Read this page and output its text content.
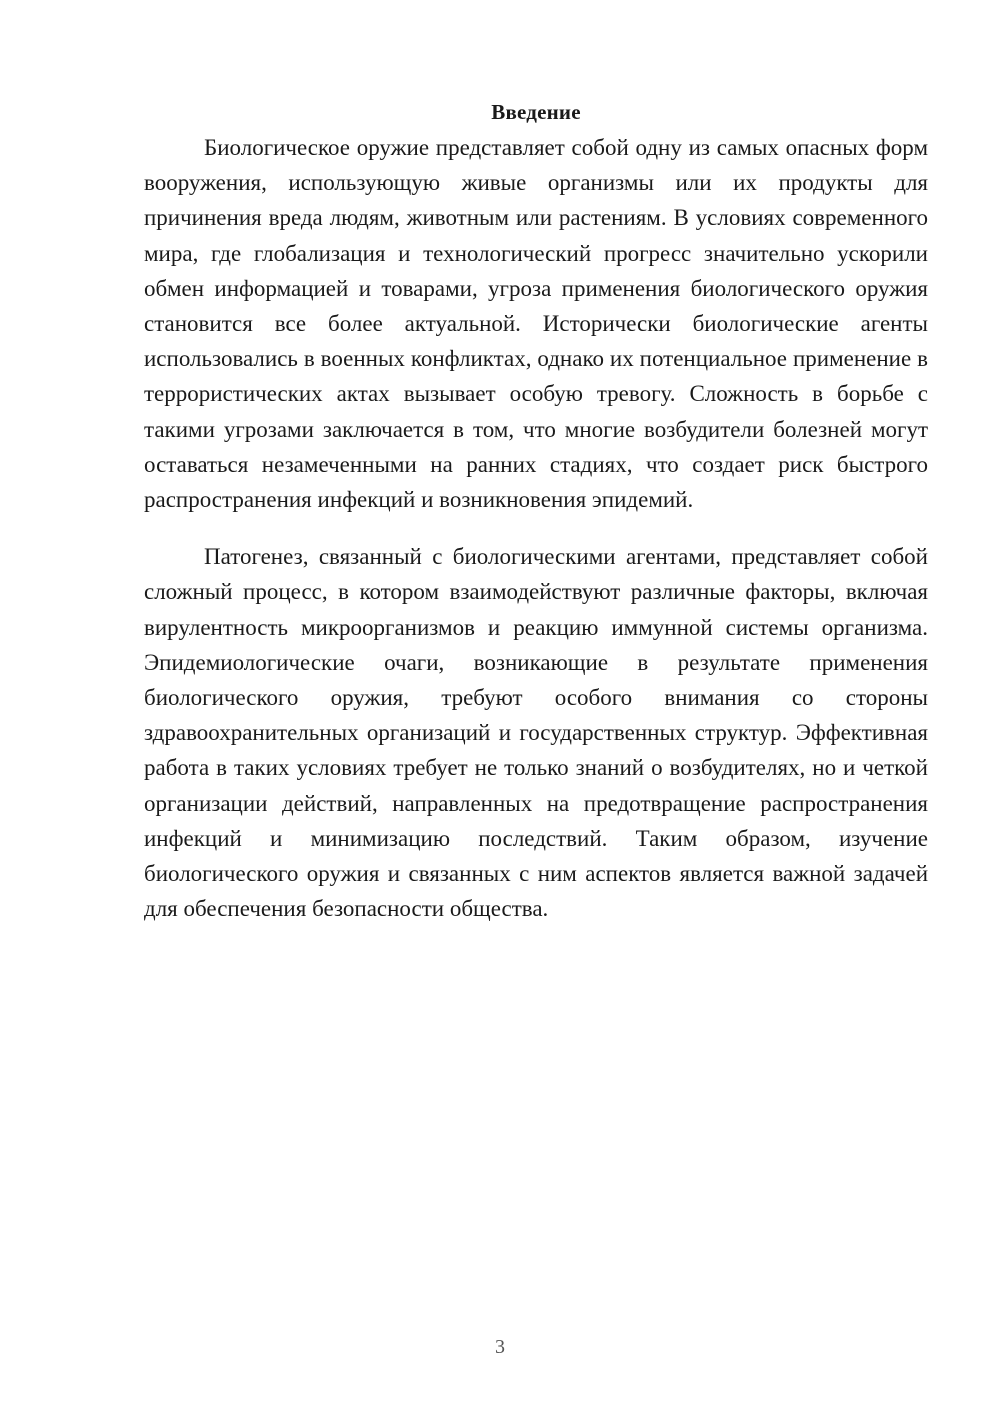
Введение

Биологическое оружие представляет собой одну из самых опасных форм вооружения, использующую живые организмы или их продукты для причинения вреда людям, животным или растениям. В условиях современного мира, где глобализация и технологический прогресс значительно ускорили обмен информацией и товарами, угроза применения биологического оружия становится все более актуальной. Исторически биологические агенты использовались в военных конфликтах, однако их потенциальное применение в террористических актах вызывает особую тревогу. Сложность в борьбе с такими угрозами заключается в том, что многие возбудители болезней могут оставаться незамеченными на ранних стадиях, что создает риск быстрого распространения инфекций и возникновения эпидемий.

Патогенез, связанный с биологическими агентами, представляет собой сложный процесс, в котором взаимодействуют различные факторы, включая вирулентность микроорганизмов и реакцию иммунной системы организма. Эпидемиологические очаги, возникающие в результате применения биологического оружия, требуют особого внимания со стороны здравоохранительных организаций и государственных структур. Эффективная работа в таких условиях требует не только знаний о возбудителях, но и четкой организации действий, направленных на предотвращение распространения инфекций и минимизацию последствий. Таким образом, изучение биологического оружия и связанных с ним аспектов является важной задачей для обеспечения безопасности общества.

3
